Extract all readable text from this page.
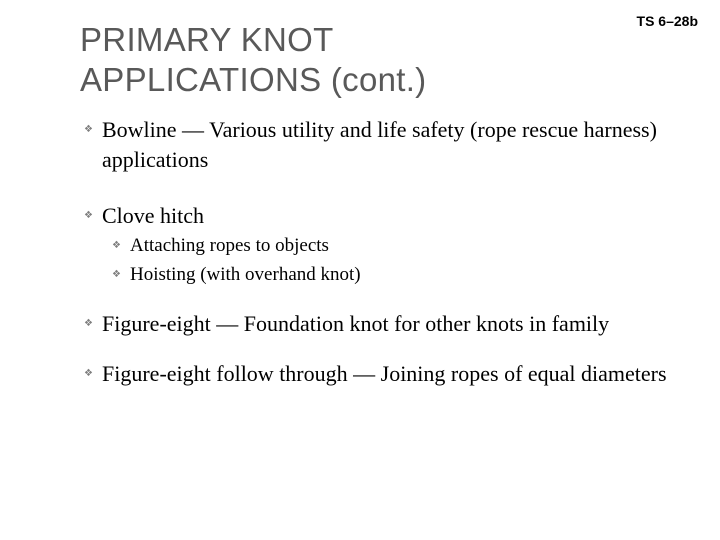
PRIMARY KNOT
APPLICATIONS (cont.)
TS 6–28b
❖ Bowline — Various utility and life safety (rope rescue harness) applications
❖ Clove hitch
❖ Attaching ropes to objects
❖ Hoisting (with overhand knot)
❖ Figure-eight — Foundation knot for other knots in family
❖ Figure-eight follow through — Joining ropes of equal diameters
